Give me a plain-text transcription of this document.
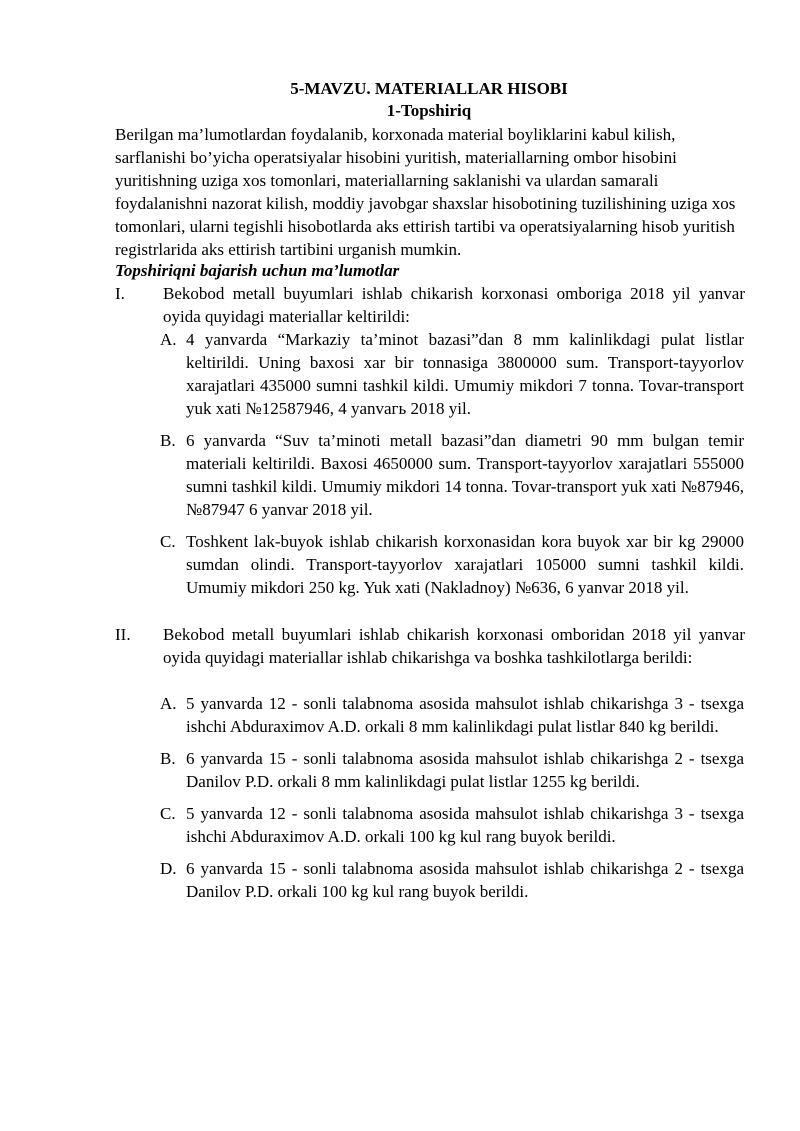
5-MAVZU. MATERIALLAR HISOBI
1-Topshiriq
Berilgan ma’lumotlardan foydalanib, korxonada material boyliklarini kabul kilish, sarflanishi bo’yicha operatsiyalar hisobini yuritish, materiallarning ombor hisobini yuritishning uziga xos tomonlari, materiallarning saklanishi va ulardan samarali foydalanishni nazorat kilish, moddiy javobgar shaxslar hisobotining tuzilishining uziga xos tomonlari, ularni tegishli hisobotlarda aks ettirish tartibi va operatsiyalarning hisob yuritish registrlarida aks ettirish tartibini urganish mumkin.
Topshiriqni bajarish uchun ma’lumotlar
I. Bekobod metall buyumlari ishlab chikarish korxonasi omboriga 2018 yil yanvar oyida quyidagi materiallar keltirildi:
A. 4 yanvarda “Markaziy ta’minot bazasi”dan 8 mm kalinlikdagi pulat listlar keltirildi. Uning baxosi xar bir tonnasiga 3800000 sum. Transport-tayyorlov xarajatlari 435000 sumni tashkil kildi. Umumiy mikdori 7 tonna. Tovar-transport yuk xati №12587946, 4 yanvaгь 2018 yil.
B. 6 yanvarda “Suv ta’minoti metall bazasi”dan diametri 90 mm bulgan temir materiali keltirildi. Baxosi 4650000 sum. Transport-tayyorlov xarajatlari 555000 sumni tashkil kildi. Umumiy mikdori 14 tonna. Tovar-transport yuk xati №87946, №87947 6 yanvar 2018 yil.
C. Toshkent lak-buyok ishlab chikarish korxonasidan kora buyok xar bir kg 29000 sumdan olindi. Transport-tayyorlov xarajatlari 105000 sumni tashkil kildi. Umumiy mikdori 250 kg. Yuk xati (Nakladnoy) №636, 6 yanvar 2018 yil.
II. Bekobod metall buyumlari ishlab chikarish korxonasi omboridan 2018 yil yanvar oyida quyidagi materiallar ishlab chikarishga va boshka tashkilotlarga berildi:
A. 5 yanvarda 12 - sonli talabnoma asosida mahsulot ishlab chikarishga 3 - tsexga ishchi Abduraximov A.D. orkali 8 mm kalinlikdagi pulat listlar 840 kg berildi.
B. 6 yanvarda 15 - sonli talabnoma asosida mahsulot ishlab chikarishga 2 - tsexga Danilov P.D. orkali 8 mm kalinlikdagi pulat listlar 1255 kg berildi.
C. 5 yanvarda 12 - sonli talabnoma asosida mahsulot ishlab chikarishga 3 - tsexga ishchi Abduraximov A.D. orkali 100 kg kul rang buyok berildi.
D. 6 yanvarda 15 - sonli talabnoma asosida mahsulot ishlab chikarishga 2 - tsexga Danilov P.D. orkali 100 kg kul rang buyok berildi.
